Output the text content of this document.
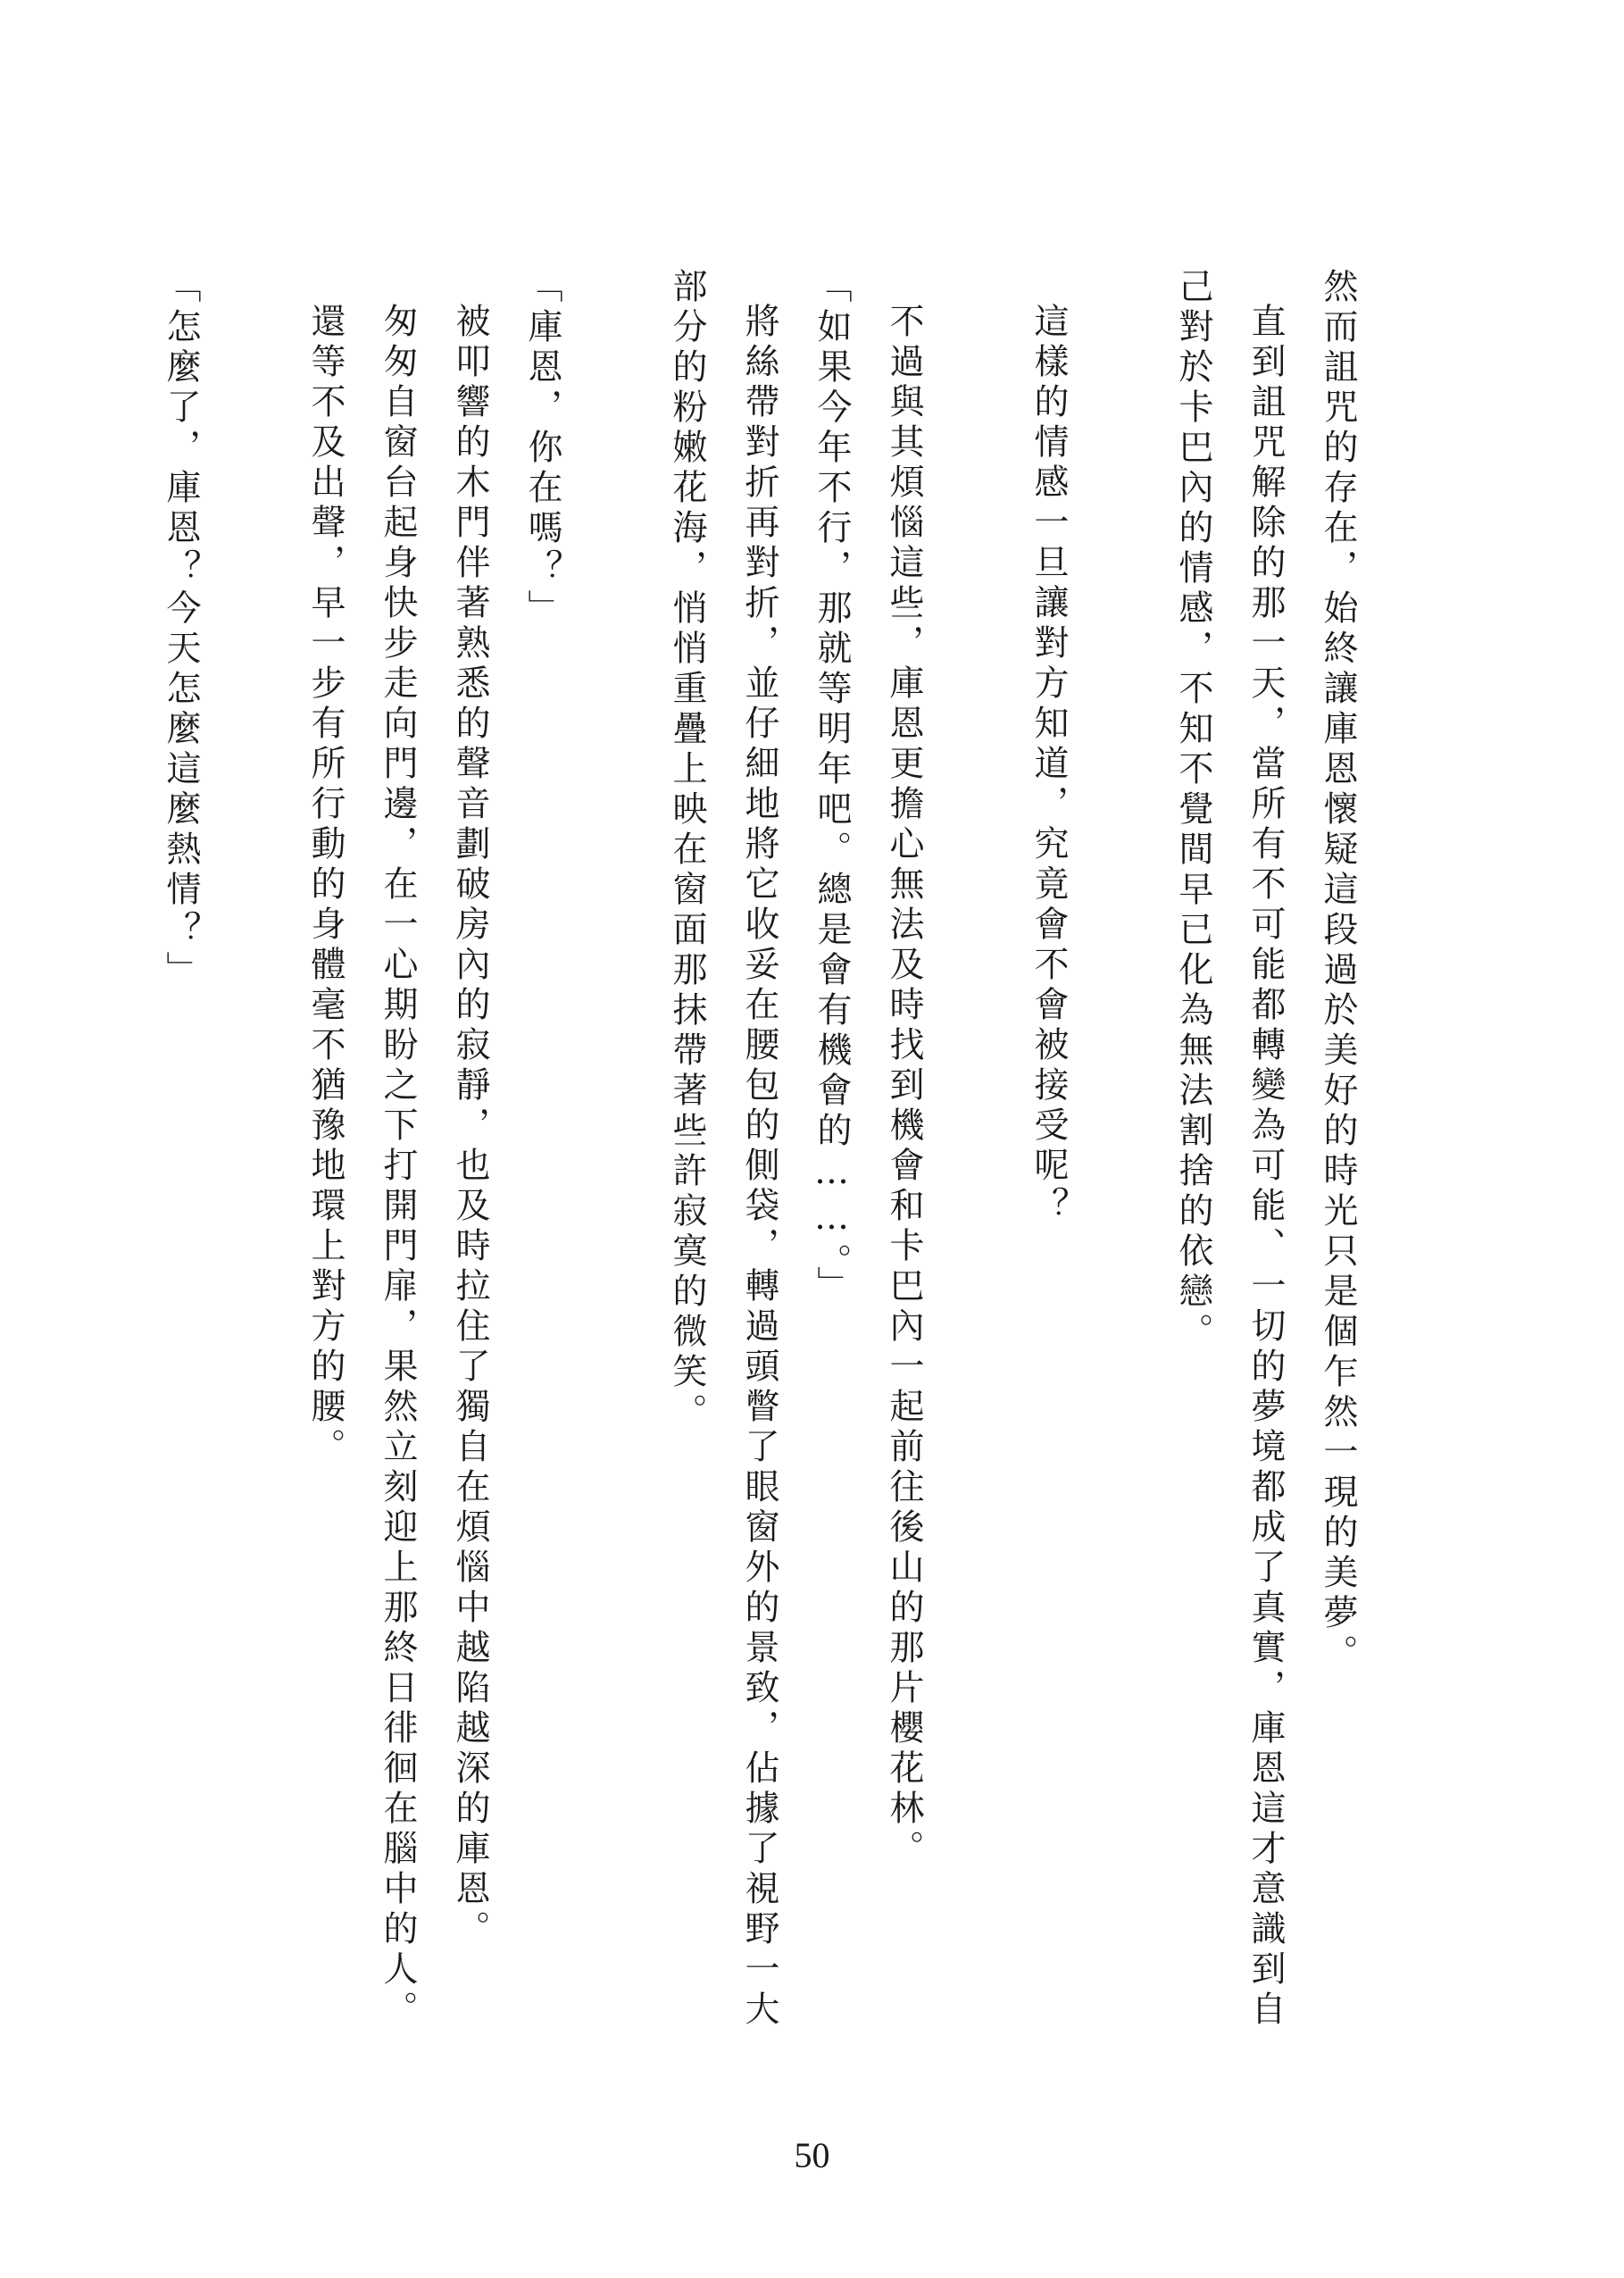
然而詛咒的存在，始終讓庫恩懷疑這段過於美好的時光只是個乍然一現的美夢。

直到詛咒解除的那一天，當所有不可能都轉變為可能、一切的夢境都成了真實，庫恩這才意識到自己對於卡巴內的情感，不知不覺間早已化為無法割捨的依戀。

這樣的情感一旦讓對方知道，究竟會不會被接受呢？

不過與其煩惱這些，庫恩更擔心無法及時找到機會和卡巴內一起前往後山的那片櫻花林。

「如果今年不行，那就等明年吧。總是會有機會的……。」

將絲帶對折再對折，並仔細地將它收妥在腰包的側袋，轉過頭瞥了眼窗外的景致，佔據了視野一大部分的粉嫩花海，悄悄重疊上映在窗面那抹帶著些許寂寞的微笑。

「庫恩，你在嗎？」

被叩響的木門伴著熟悉的聲音劃破房內的寂靜，也及時拉住了獨自在煩惱中越陷越深的庫恩。

匆匆自窗台起身快步走向門邊，在一心期盼之下打開門扉，果然立刻迎上那終日徘徊在腦中的人。

還等不及出聲，早一步有所行動的身體毫不猶豫地環上對方的腰。

「怎麼了，庫恩？今天怎麼這麼熱情？」

50
